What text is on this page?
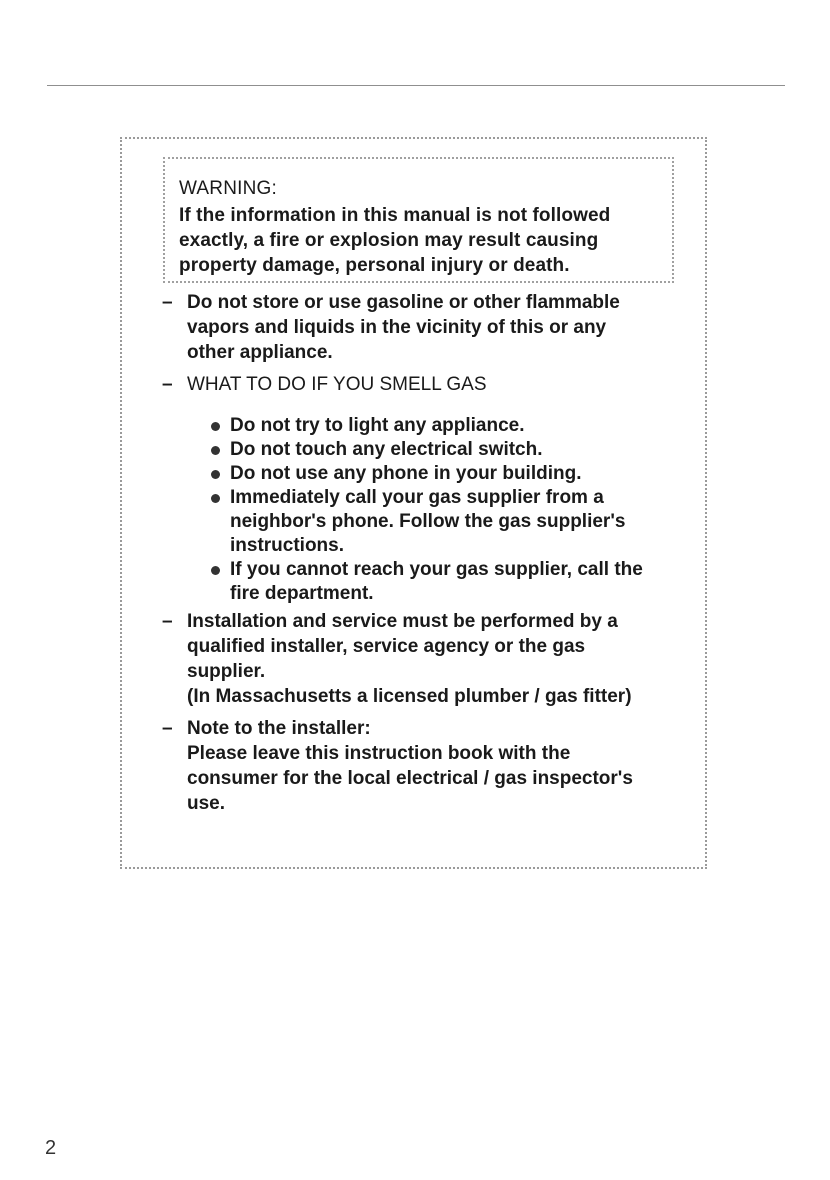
WARNING:
If the information in this manual is not followed
exactly, a fire or explosion may result causing
property damage, personal injury or death.
– Do not store or use gasoline or other flammable
vapors and liquids in the vicinity of this or any
other appliance.
– WHAT TO DO IF YOU SMELL GAS
Do not try to light any appliance.
Do not touch any electrical switch.
Do not use any phone in your building.
Immediately call your gas supplier from a
neighbor's phone. Follow the gas supplier's
instructions.
If you cannot reach your gas supplier, call the
fire department.
– Installation and service must be performed by a
qualified installer, service agency or the gas
supplier.
(In Massachusetts a licensed plumber / gas fitter)
– Note to the installer:
Please leave this instruction book with the
consumer for the local electrical / gas inspector's
use.
2
